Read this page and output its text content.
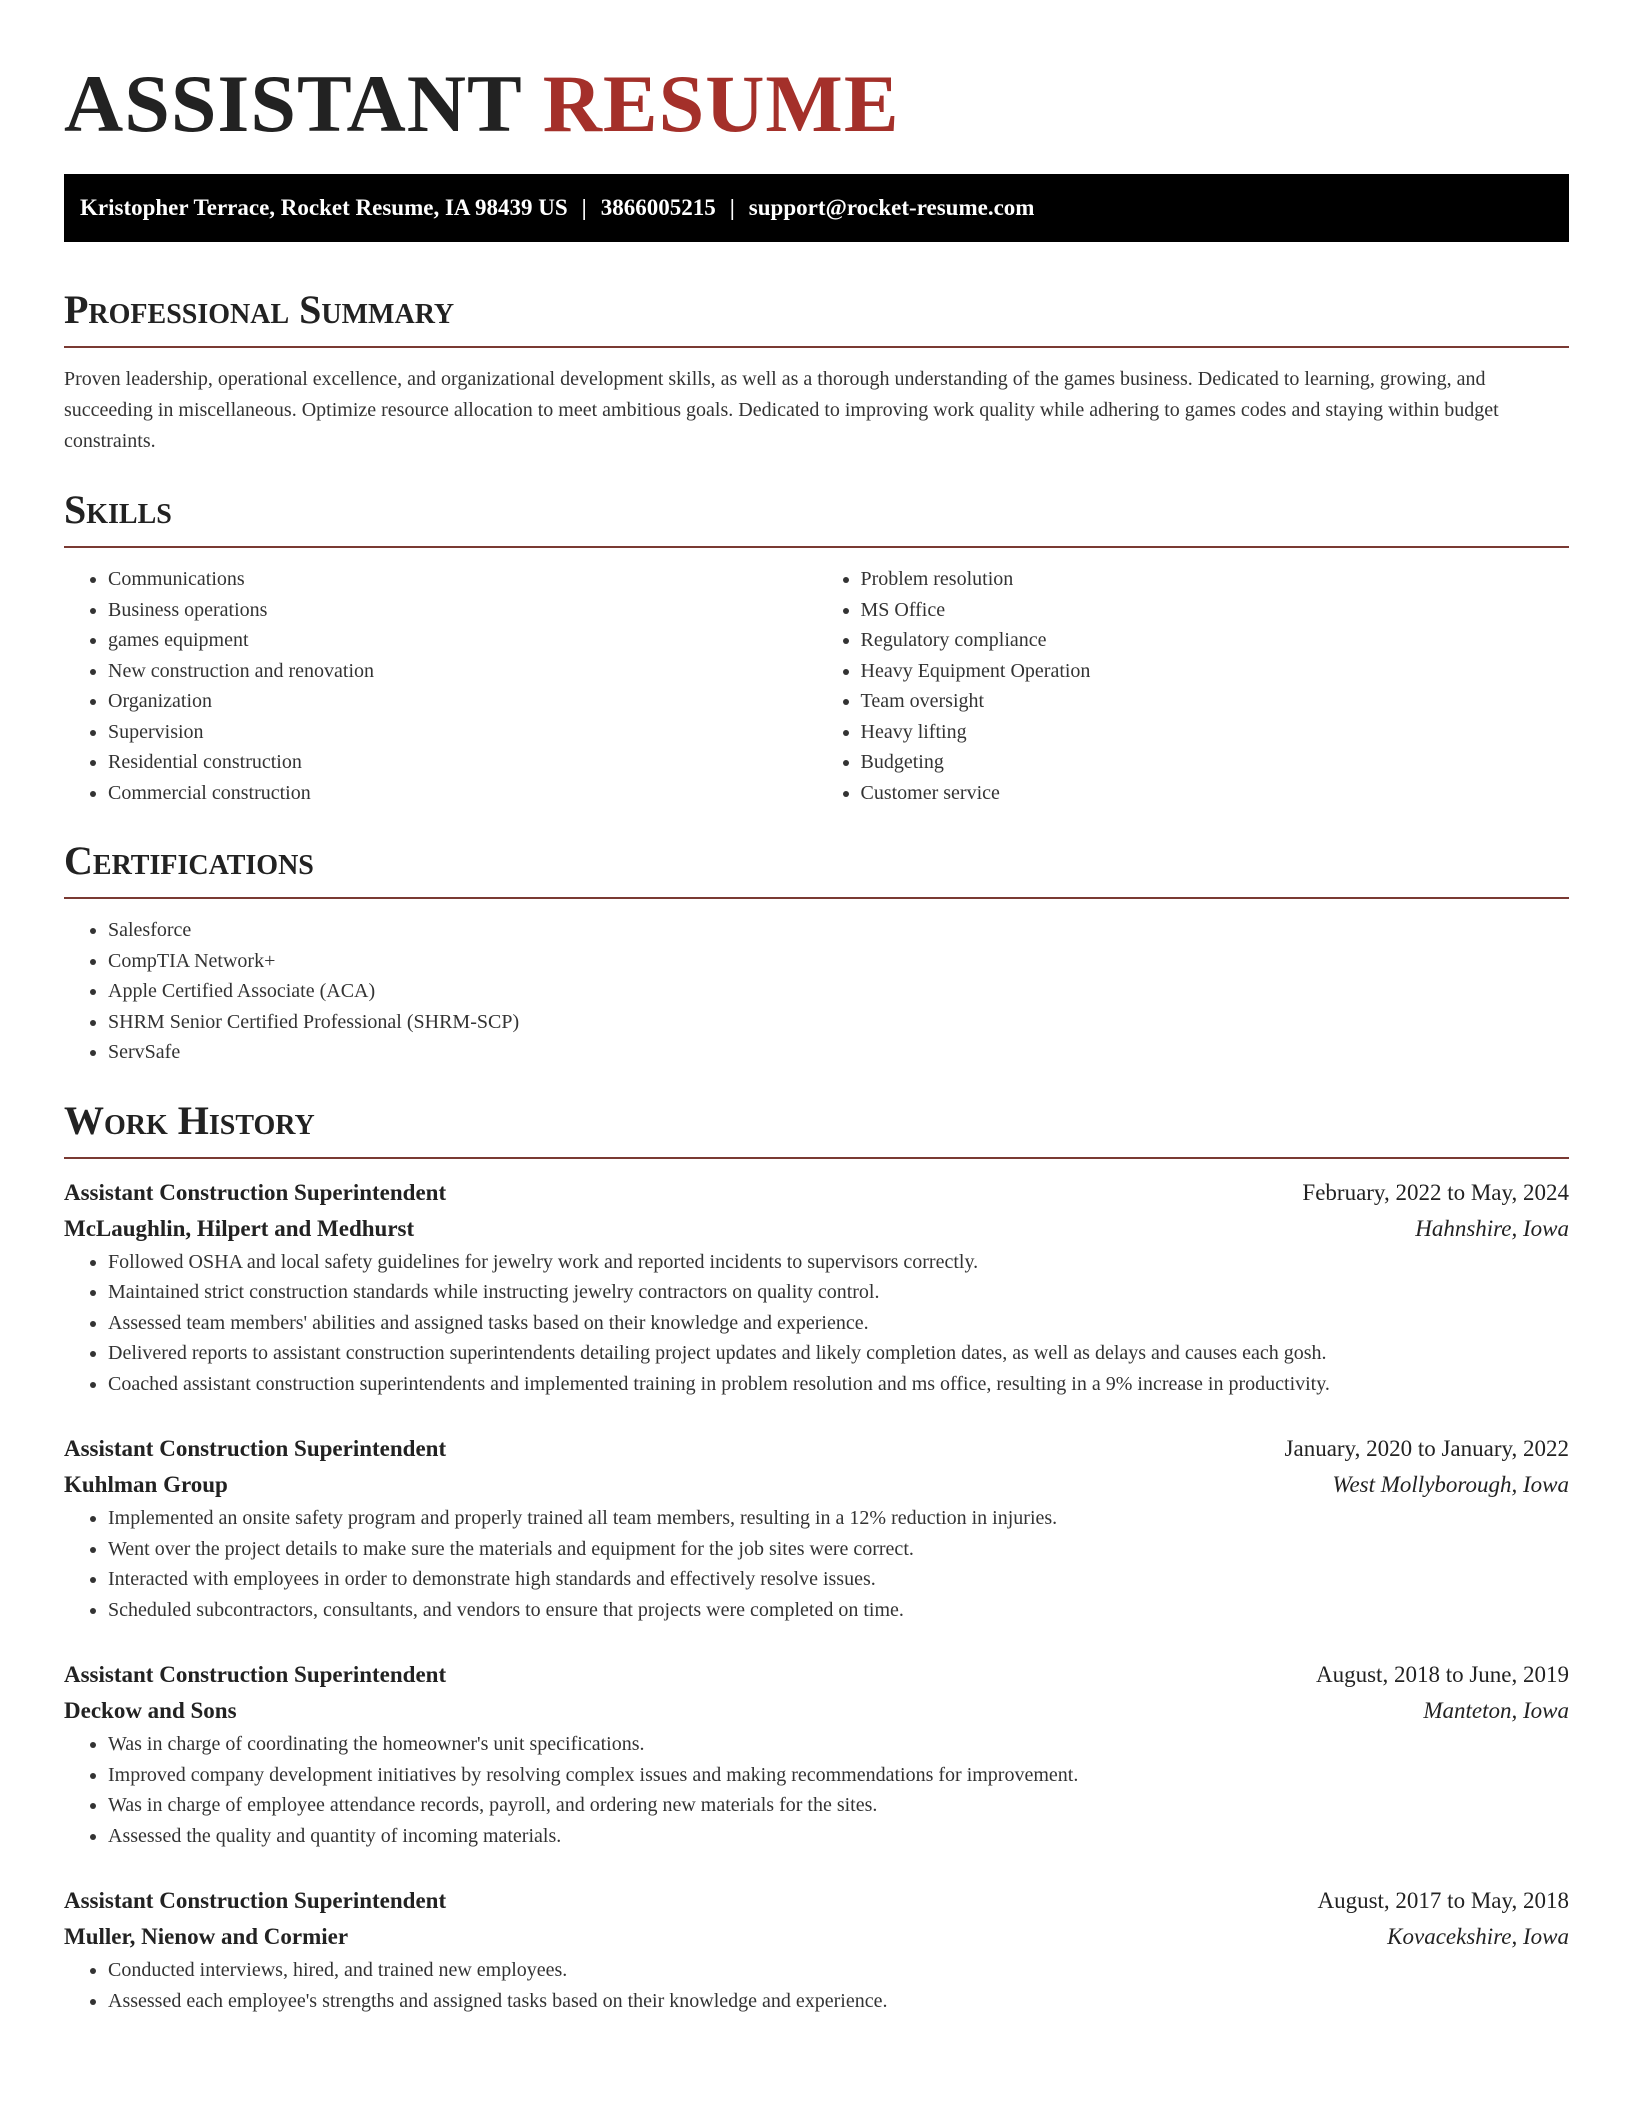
ASSISTANT RESUME
Kristopher Terrace, Rocket Resume, IA 98439 US | 3866005215 | support@rocket-resume.com
Professional Summary

Proven leadership, operational excellence, and organizational development skills, as well as a thorough understanding of the games business. Dedicated to learning, growing, and succeeding in miscellaneous. Optimize resource allocation to meet ambitious goals. Dedicated to improving work quality while adhering to games codes and staying within budget constraints.

Skills
• Communications
• Business operations
• games equipment
• New construction and renovation
• Organization
• Supervision
• Residential construction
• Commercial construction
• Problem resolution
• MS Office
• Regulatory compliance
• Heavy Equipment Operation
• Team oversight
• Heavy lifting
• Budgeting
• Customer service
Certifications
• Salesforce
• CompTIA Network+
• Apple Certified Associate (ACA)
• SHRM Senior Certified Professional (SHRM-SCP)
• ServSafe
Work History
Assistant Construction Superintendent	February, 2022 to May, 2024
McLaughlin, Hilpert and Medhurst	Hahnshire, Iowa
• Followed OSHA and local safety guidelines for jewelry work and reported incidents to supervisors correctly.
• Maintained strict construction standards while instructing jewelry contractors on quality control.
• Assessed team members' abilities and assigned tasks based on their knowledge and experience.
• Delivered reports to assistant construction superintendents detailing project updates and likely completion dates, as well as delays and causes each gosh.
• Coached assistant construction superintendents and implemented training in problem resolution and ms office, resulting in a 9% increase in productivity.
Assistant Construction Superintendent	January, 2020 to January, 2022
Kuhlman Group	West Mollyborough, Iowa
• Implemented an onsite safety program and properly trained all team members, resulting in a 12% reduction in injuries.
• Went over the project details to make sure the materials and equipment for the job sites were correct.
• Interacted with employees in order to demonstrate high standards and effectively resolve issues.
• Scheduled subcontractors, consultants, and vendors to ensure that projects were completed on time.
Assistant Construction Superintendent	August, 2018 to June, 2019
Deckow and Sons	Manteton, Iowa
• Was in charge of coordinating the homeowner's unit specifications.
• Improved company development initiatives by resolving complex issues and making recommendations for improvement.
• Was in charge of employee attendance records, payroll, and ordering new materials for the sites.
• Assessed the quality and quantity of incoming materials.
Assistant Construction Superintendent	August, 2017 to May, 2018
Muller, Nienow and Cormier	Kovacekshire, Iowa
• Conducted interviews, hired, and trained new employees.
• Assessed each employee's strengths and assigned tasks based on their knowledge and experience.
